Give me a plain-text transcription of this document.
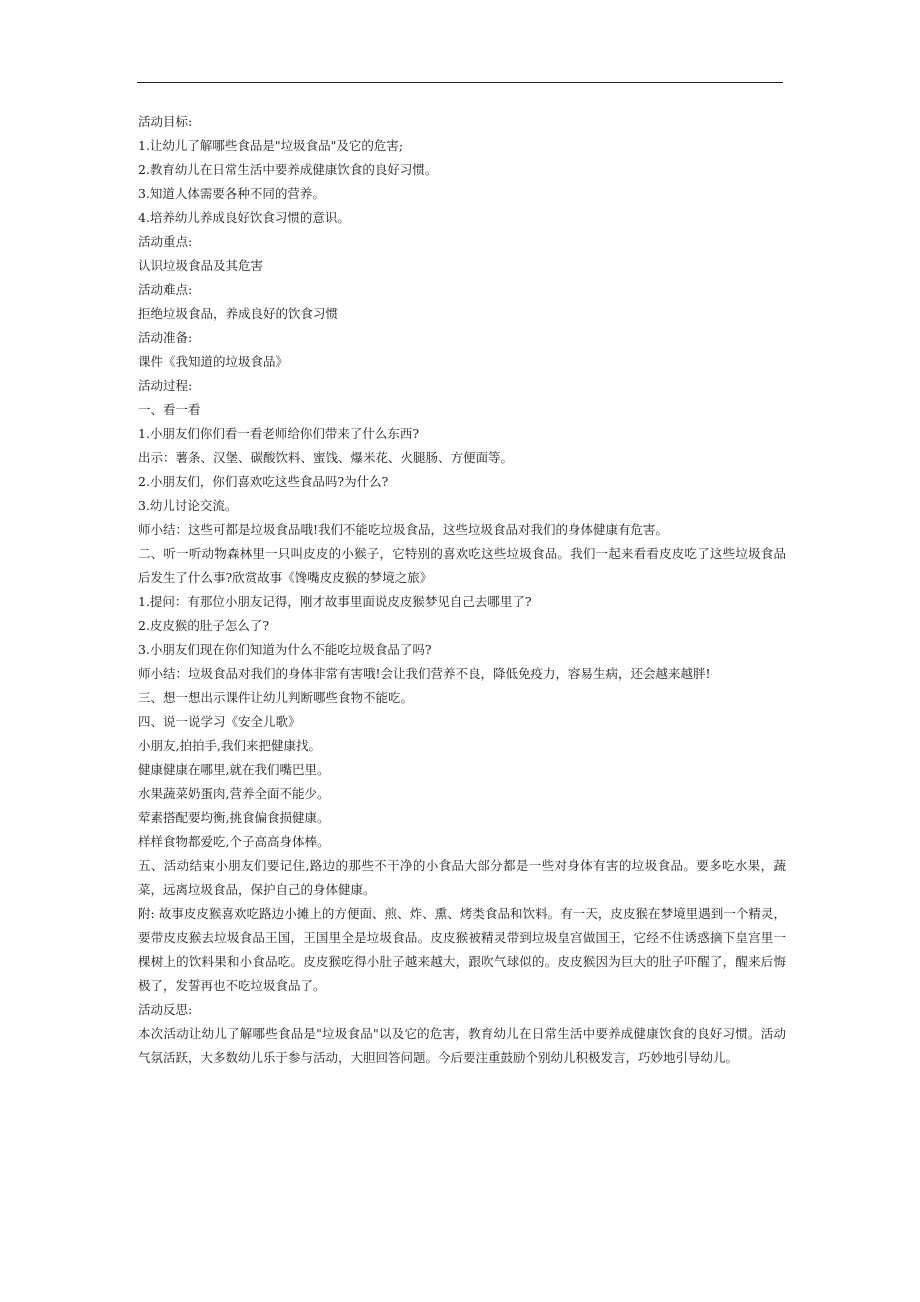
活动目标:
1.让幼儿了解哪些食品是"垃圾食品"及它的危害;
2.教育幼儿在日常生活中要养成健康饮食的良好习惯。
3.知道人体需要各种不同的营养。
4.培养幼儿养成良好饮食习惯的意识。
活动重点:
认识垃圾食品及其危害
活动难点:
拒绝垃圾食品，养成良好的饮食习惯
活动准备:
课件《我知道的垃圾食品》
活动过程:
一、看一看
1.小朋友们你们看一看老师给你们带来了什么东西?
出示：薯条、汉堡、碳酸饮料、蜜饯、爆米花、火腿肠、方便面等。
2.小朋友们，你们喜欢吃这些食品吗?为什么?
3.幼儿讨论交流。
师小结：这些可都是垃圾食品哦!我们不能吃垃圾食品，这些垃圾食品对我们的身体健康有危害。
二、听一听动物森林里一只叫皮皮的小猴子，它特别的喜欢吃这些垃圾食品。我们一起来看看皮皮吃了这些垃圾食品后发生了什么事?欣赏故事《馋嘴皮皮猴的梦境之旅》
1.提问：有那位小朋友记得，刚才故事里面说皮皮猴梦见自己去哪里了?
2.皮皮猴的肚子怎么了?
3.小朋友们现在你们知道为什么不能吃垃圾食品了吗?
师小结：垃圾食品对我们的身体非常有害哦!会让我们营养不良，降低免疫力，容易生病，还会越来越胖!
三、想一想出示课件让幼儿判断哪些食物不能吃。
四、说一说学习《安全儿歌》
小朋友,拍拍手,我们来把健康找。
健康健康在哪里,就在我们嘴巴里。
水果蔬菜奶蛋肉,营养全面不能少。
荤素搭配要均衡,挑食偏食损健康。
样样食物都爱吃,个子高高身体棒。
五、活动结束小朋友们要记住,路边的那些不干净的小食品大部分都是一些对身体有害的垃圾食品。要多吃水果，蔬菜，远离垃圾食品，保护自己的身体健康。
附: 故事皮皮猴喜欢吃路边小摊上的方便面、煎、炸、熏、烤类食品和饮料。有一天，皮皮猴在梦境里遇到一个精灵，要带皮皮猴去垃圾食品王国，王国里全是垃圾食品。皮皮猴被精灵带到垃圾皇宫做国王，它经不住诱惑摘下皇宫里一棵树上的饮料果和小食品吃。皮皮猴吃得小肚子越来越大，跟吹气球似的。皮皮猴因为巨大的肚子吓醒了，醒来后悔极了，发誓再也不吃垃圾食品了。
活动反思:
本次活动让幼儿了解哪些食品是"垃圾食品"以及它的危害，教育幼儿在日常生活中要养成健康饮食的良好习惯。活动气氛活跃，大多数幼儿乐于参与活动，大胆回答问题。今后要注重鼓励个别幼儿积极发言，巧妙地引导幼儿。
